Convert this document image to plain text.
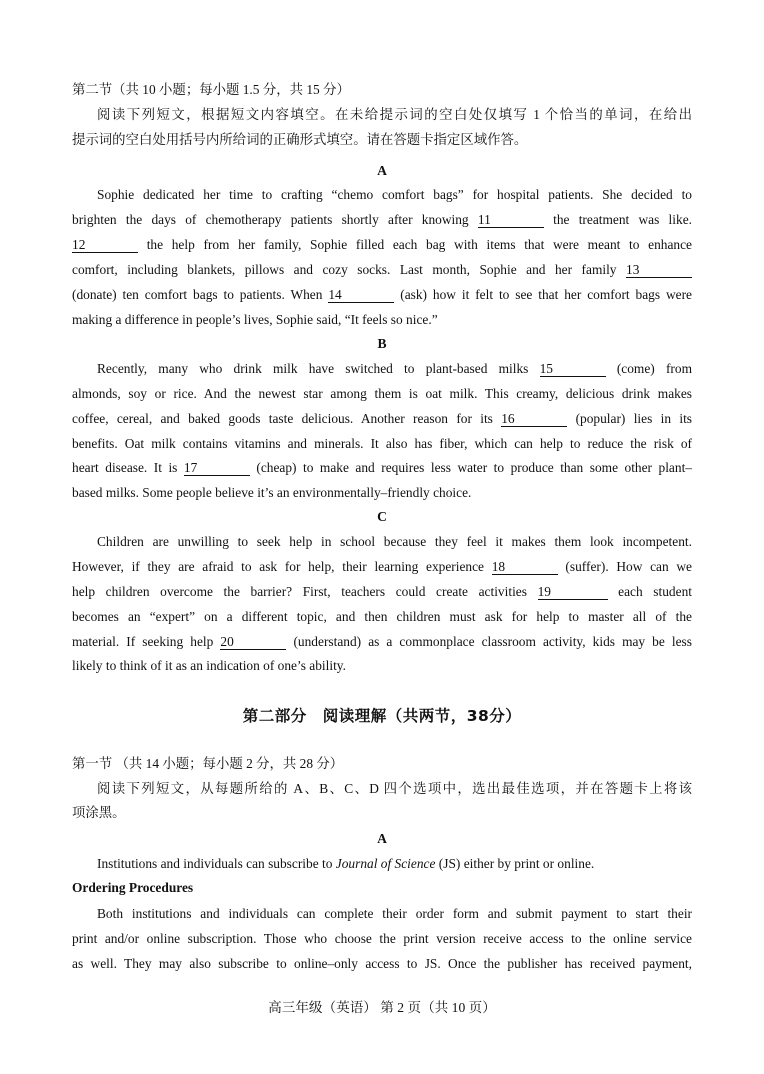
第二节（共 10 小题；每小题 1.5 分，共 15 分）
阅读下列短文，根据短文内容填空。在未给提示词的空白处仅填写 1 个恰当的单词，在给出
提示词的空白处用括号内所给词的正确形式填空。请在答题卡指定区域作答。
A
Sophie dedicated her time to crafting “chemo comfort bags” for hospital patients. She decided to
brighten the days of chemotherapy patients shortly after knowing 11	the treatment was like.
12	the help from her family, Sophie filled each bag with items that were meant to enhance
comfort, including blankets, pillows and cozy socks. Last month, Sophie and her family 13
(donate) ten comfort bags to patients. When 14	(ask) how it felt to see that her comfort bags were
making a difference in people’s lives, Sophie said, “It feels so nice.”
B
Recently, many who drink milk have switched to plant-based milks 15	(come) from
almonds, soy or rice. And the newest star among them is oat milk. This creamy, delicious drink makes
coffee, cereal, and baked goods taste delicious. Another reason for its 16	(popular) lies in its
benefits. Oat milk contains vitamins and minerals. It also has fiber, which can help to reduce the risk of
heart disease. It is 17	(cheap) to make and requires less water to produce than some other plant–
based milks. Some people believe it’s an environmentally–friendly choice.
C
Children are unwilling to seek help in school because they feel it makes them look incompetent.
However, if they are afraid to ask for help, their learning experience 18	(suffer). How can we
help children overcome the barrier? First, teachers could create activities 19	each student
becomes an “expert” on a different topic, and then children must ask for help to master all of the
material. If seeking help 20	(understand) as a commonplace classroom activity, kids may be less
likely to think of it as an indication of one’s ability.
第二部分　阅读理解（共两节，38分）
第一节 （共 14 小题；每小题 2 分，共 28 分）
阅读下列短文，从每题所给的 A、B、C、D 四个选项中，选出最佳选项，并在答题卡上将该
项涂黑。
A
Institutions and individuals can subscribe to Journal of Science (JS) either by print or online.
Ordering Procedures
Both institutions and individuals can complete their order form and submit payment to start their
print and/or online subscription. Those who choose the print version receive access to the online service
as well. They may also subscribe to online–only access to JS. Once the publisher has received payment,
高三年级（英语） 第 2 页（共 10 页）
